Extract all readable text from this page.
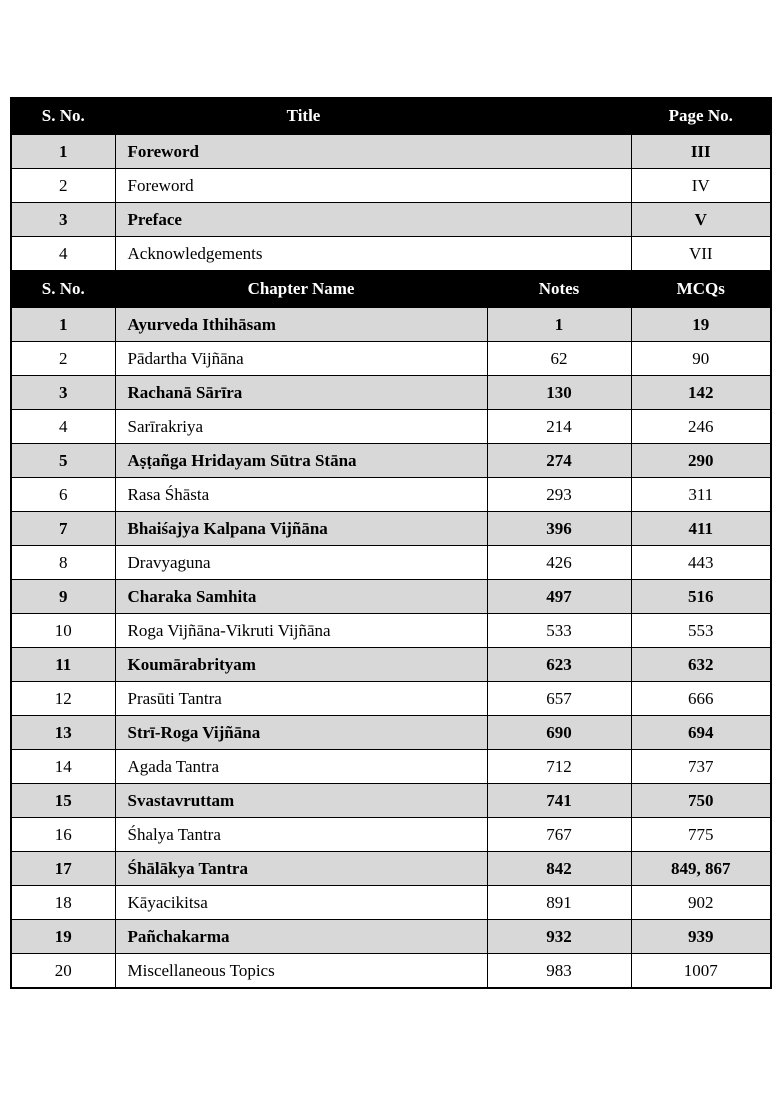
S. No.	Title	Page No.
1	Foreword	III
2	Foreword	IV
3	Preface	V
4	Acknowledgements	VII
S. No.	Chapter Name	Notes	MCQs
1	Ayurveda Ithihāsam	1	19
2	Pādartha Vijñāna	62	90
3	Rachanā Sārīra	130	142
4	Sarīrakriya	214	246
5	Aṣṭañga Hridayam Sūtra Stāna	274	290
6	Rasa Śhāsta	293	311
7	Bhaiśajya Kalpana Vijñāna	396	411
8	Dravyaguna	426	443
9	Charaka Samhita	497	516
10	Roga Vijñāna-Vikruti Vijñāna	533	553
11	Koumārabrityam	623	632
12	Prasūti Tantra	657	666
13	Strī-Roga Vijñāna	690	694
14	Agada Tantra	712	737
15	Svastavruttam	741	750
16	Śhalya Tantra	767	775
17	Śhālākya Tantra	842	849, 867
18	Kāyacikitsa	891	902
19	Pañchakarma	932	939
20	Miscellaneous Topics	983	1007
